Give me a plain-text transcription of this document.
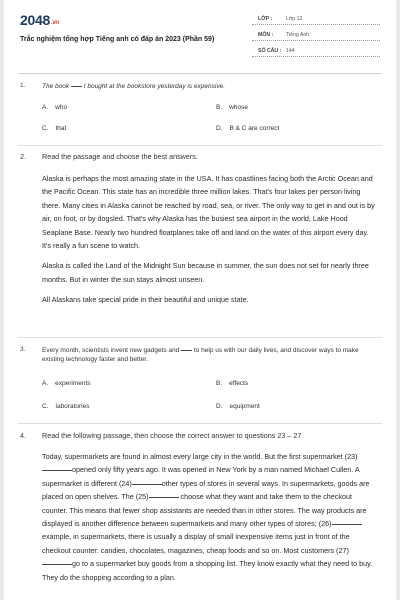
2048.vn
Trắc nghiệm tổng hợp Tiếng anh có đáp án 2023 (Phần 59)
LỚP :	Lớp 12
MÔN : Tiếng Anh
SỐ CÂU : 144
1.	The book  I bought at the bookstore yesterday is expensive.
A. who	B. whose
C. that	D. B & C are correct
2. Read the passage and choose the best answers.

Alaska is perhaps the most amazing state in the USA. It has coastlines facing both the Arctic Ocean and the Pacific Ocean. This state has an incredible three million lakes. That's four lakes per person living there. Many cities in Alaska cannot be reached by road, sea, or river. The only way to get in and out is by air, on foot, or by dogsled. That's why Alaska has the busiest sea airport in the world, Lake Hood Seaplane Base. Nearly two hundred floatplanes take off and land on the water of this airport every day. It's really a fun scene to watch.

Alaska is called the Land of the Midnight Sun because in summer, the sun does not set for nearly three months. But in winter the sun stays almost unseen.

All Alaskans take special pride in their beautiful and unique state.

3.	Every month, scientists invent new gadgets and  to help us with our daily lives, and discover ways to make existing technology faster and better.
A. experiments	B. effects
C. laboratories	D. equipment
4. Read the following passage, then choose the correct answer to questions 23 – 27

Today, supermarkets are found in almost every large city in the world. But the first supermarket (23)opened only fifty years ago. It was opened in New York by a man named Michael Cullen. A supermarket is different (24)	other types of stores in several ways. In supermarkets, goods are placed on open shelves. The (25)	choose what they want and take them to the checkout counter. This means that fewer shop assistants are needed than in other stores. The way products are displayed is another difference between supermarkets and many other types of stores; (26) example, in supermarkets, there is usually a display of small inexpensive items just in front of the checkout counter: candies, chocolates, magazines, cheap foods and so on. Most customers (27)go to a supermarket buy goods from a shopping list. They know exactly what they need to buy. They do the shopping according to a plan.
